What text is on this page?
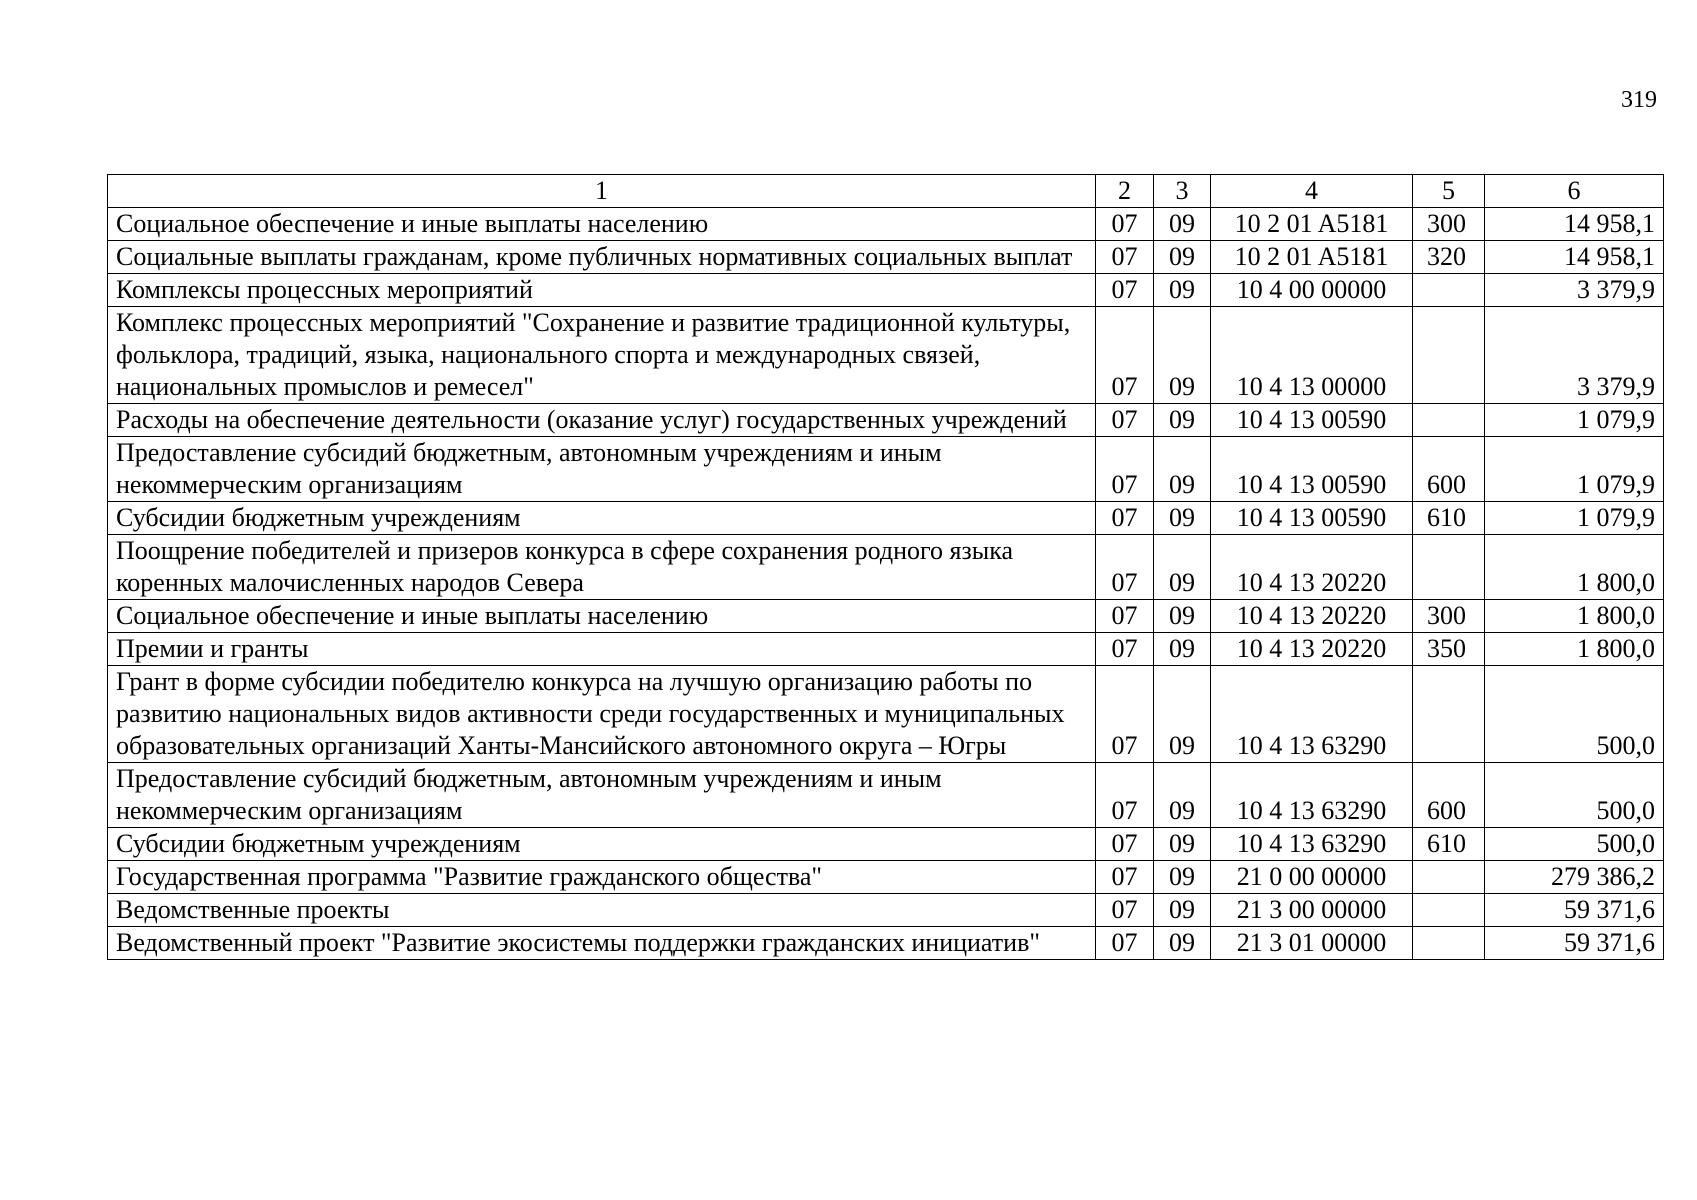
319
1	2	3	4	5	6
Социальное обеспечение и иные выплаты населению	07	09	10 2 01 A5181	300	14 958,1
Социальные выплаты гражданам, кроме публичных нормативных социальных выплат	07	09	10 2 01 A5181	320	14 958,1
Комплексы процессных мероприятий	07	09	10 4 00 00000		3 379,9
Комплекс процессных мероприятий "Сохранение и развитие традиционной культуры, фольклора, традиций, языка, национального спорта и международных связей, национальных промыслов и ремесел"	07	09	10 4 13 00000		3 379,9
Расходы на обеспечение деятельности (оказание услуг) государственных учреждений	07	09	10 4 13 00590		1 079,9
Предоставление субсидий бюджетным, автономным учреждениям и иным некоммерческим организациям	07	09	10 4 13 00590	600	1 079,9
Субсидии бюджетным учреждениям	07	09	10 4 13 00590	610	1 079,9
Поощрение победителей и призеров конкурса в сфере сохранения родного языка коренных малочисленных народов Севера	07	09	10 4 13 20220		1 800,0
Социальное обеспечение и иные выплаты населению	07	09	10 4 13 20220	300	1 800,0
Премии и гранты	07	09	10 4 13 20220	350	1 800,0
Грант в форме субсидии победителю конкурса на лучшую организацию работы по развитию национальных видов активности среди государственных и муниципальных образовательных организаций Ханты-Мансийского автономного округа – Югры	07	09	10 4 13 63290		500,0
Предоставление субсидий бюджетным, автономным учреждениям и иным некоммерческим организациям	07	09	10 4 13 63290	600	500,0
Субсидии бюджетным учреждениям	07	09	10 4 13 63290	610	500,0
Государственная программа "Развитие гражданского общества"	07	09	21 0 00 00000		279 386,2
Ведомственные проекты	07	09	21 3 00 00000		59 371,6
Ведомственный проект "Развитие экосистемы поддержки гражданских инициатив"	07	09	21 3 01 00000		59 371,6
